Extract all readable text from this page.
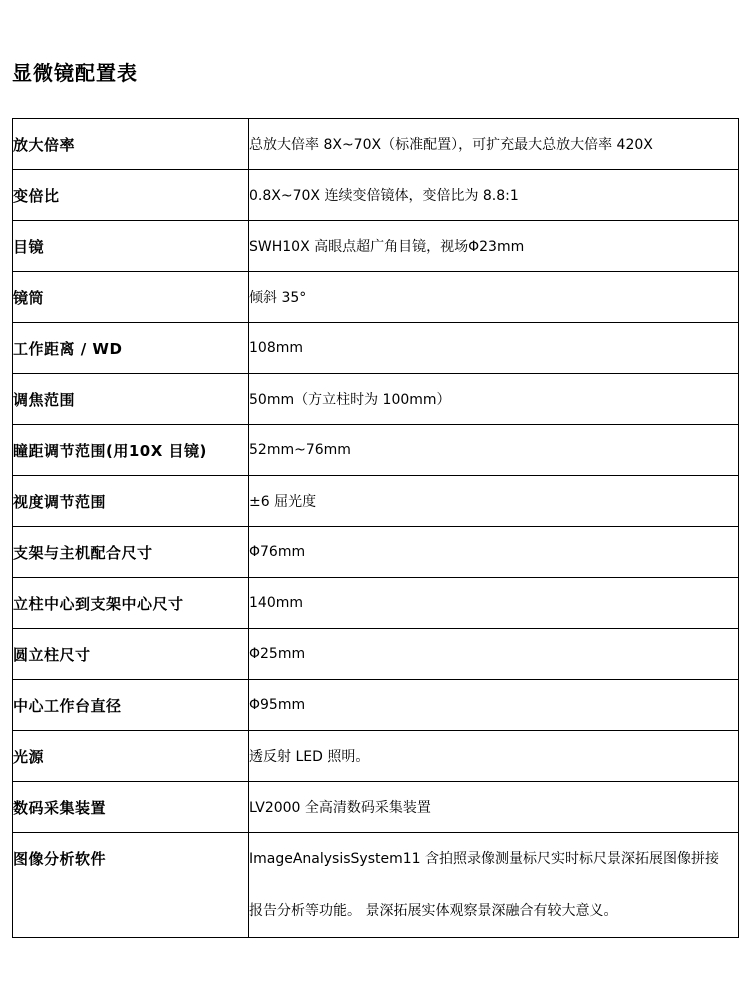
显微镜配置表
放大倍率	总放大倍率 8X~70X（标准配置），可扩充最大总放大倍率 420X
变倍比	0.8X~70X 连续变倍镜体，变倍比为 8.8:1
目镜	SWH10X 高眼点超广角目镜，视场Φ23mm
镜筒	倾斜 35°
工作距离 / WD	108mm
调焦范围	50mm（方立柱时为 100mm）
瞳距调节范围(用10X 目镜)	52mm~76mm
视度调节范围	±6 屈光度
支架与主机配合尺寸	Φ76mm
立柱中心到支架中心尺寸	140mm
圆立柱尺寸	Φ25mm
中心工作台直径	Φ95mm
光源	透反射 LED 照明。
数码采集装置	LV2000 全高清数码采集装置
图像分析软件	ImageAnalysisSystem11 含拍照录像测量标尺实时标尺景深拓展图像拼接
报告分析等功能。 景深拓展实体观察景深融合有较大意义。
